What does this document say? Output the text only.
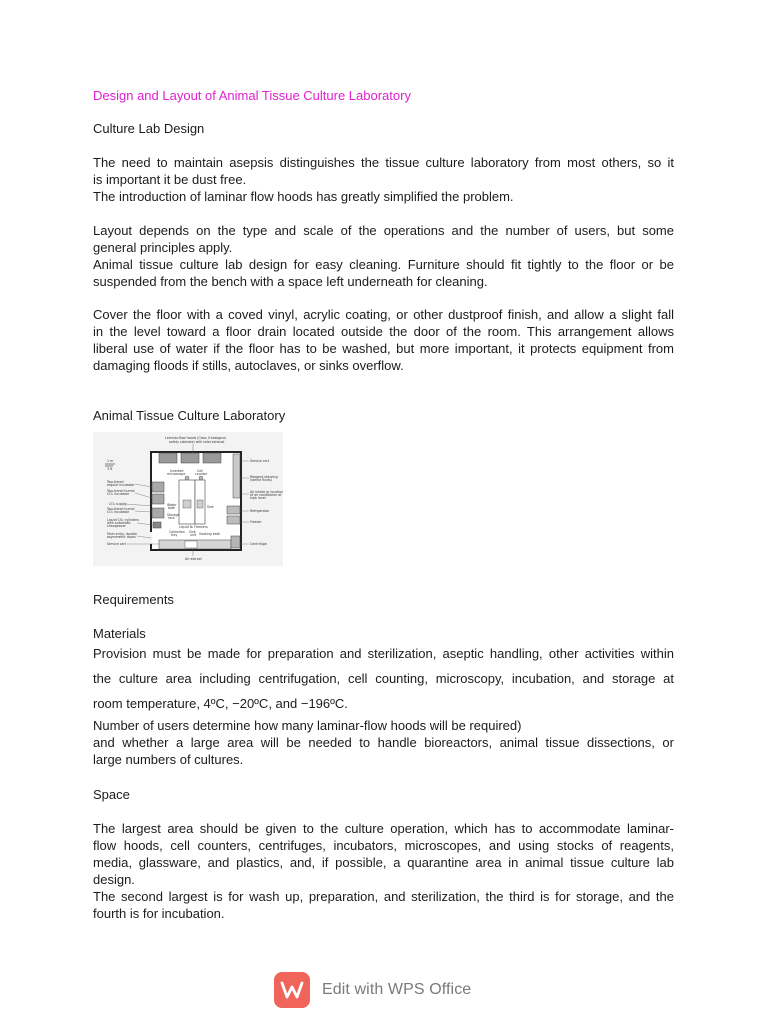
Design and Layout of Animal Tissue Culture Laboratory
Culture Lab Design

The need to maintain asepsis distinguishes the tissue culture laboratory from most others, so it

is important it be dust free.

The introduction of laminar flow hoods has greatly simplified the problem.

Layout depends on the type and scale of the operations and the number of users, but some

general principles apply.

Animal tissue culture lab design for easy cleaning. Furniture should fit tightly to the floor or be

suspended from the bench with a space left underneath for cleaning.

Cover the floor with a coved vinyl, acrylic coating, or other dustproof finish, and allow a slight fall

in the level toward a floor drain located outside the door of the room. This arrangement allows

liberal use of water if the floor has to be washed, but more important, it protects equipment from

damaging floods if stills, autoclaves, or sinks overflow.

Animal Tissue Culture Laboratory
Laminar-flow hoods (Class II biological
safety cabinets) with total exhaust
1 m
3 ft	Inverted
microscope
Cell
counter
Water
bath	Sink
Storage
rack
Liquid N₂ Freezers
Collection
tray
Sink
unit Soaking bath
Air extract
Two-tiered
regular incubator
Two-tiered humid
CO₂ incubator
CO₂ supply
Two-tiered humid
CO₂ incubator
Liquid CO₂ cylinders
with automatic
changeover
Main entry, double
asymmetric doors
Service cart
Service cart
Reagent shelving
(sterile fluids)
Air intake or location
of air conditioner at
high level
Refrigerator
Freezer
Centrifuge
Requirements
Materials

Provision must be made for preparation and sterilization, aseptic handling, other activities within

the culture area including centrifugation, cell counting, microscopy, incubation, and storage at

room temperature, 4ºC, −20ºC, and −196ºC.

Number of users determine how many laminar-flow hoods will be required)

and whether a large area will be needed to handle bioreactors, animal tissue dissections, or

large numbers of cultures.

Space

The largest area should be given to the culture operation, which has to accommodate laminar-

flow hoods, cell counters, centrifuges, incubators, microscopes, and using stocks of reagents,

media, glassware, and plastics, and, if possible, a quarantine area in animal tissue culture lab

design.

The second largest is for wash up, preparation, and sterilization, the third is for storage, and the

fourth is for incubation.

Edit with WPS Office
